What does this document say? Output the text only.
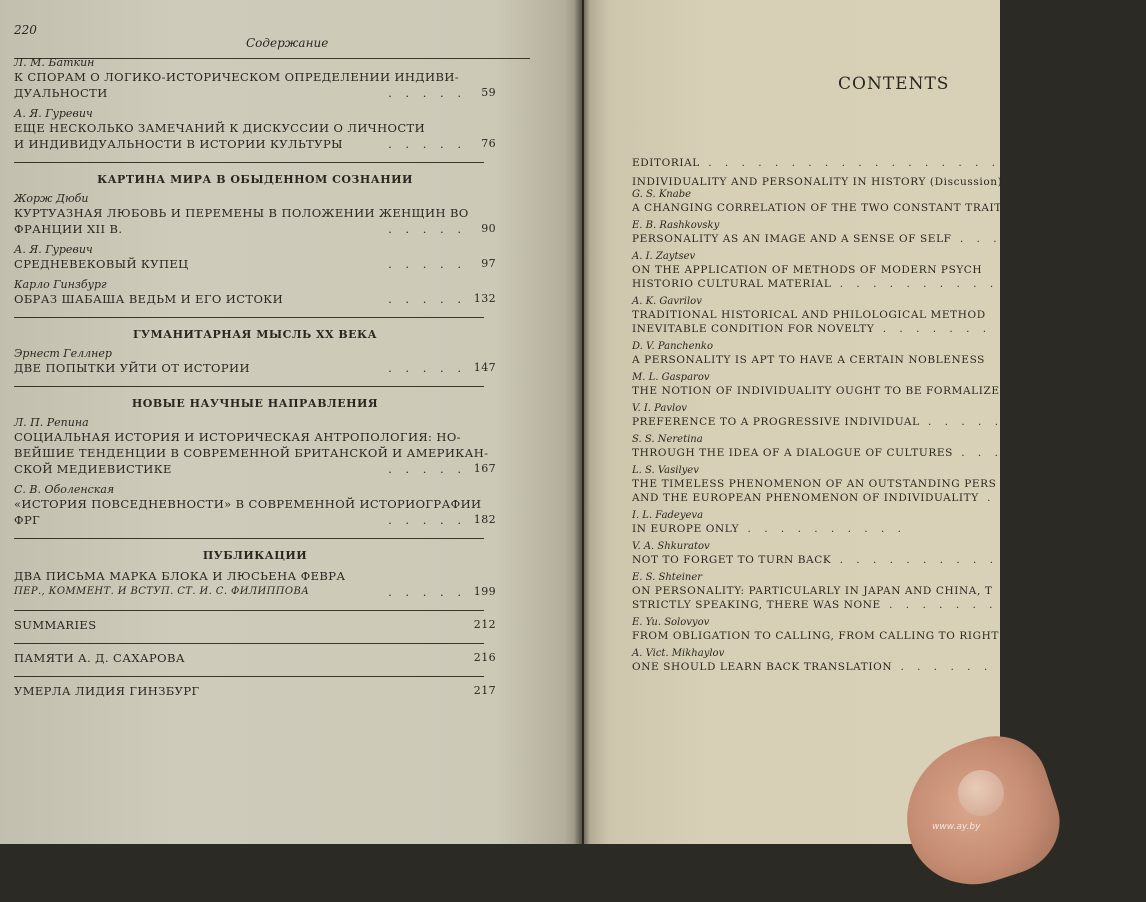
220
Содержание
Л. М. Баткин
К СПОРАМ О ЛОГИКО-ИСТОРИЧЕСКОМ ОПРЕДЕЛЕНИИ ИНДИВИ-
ДУАЛЬНОСТИ	. . . . .	59
А. Я. Гуревич
ЕЩЕ НЕСКОЛЬКО ЗАМЕЧАНИЙ К ДИСКУССИИ О ЛИЧНОСТИ
И ИНДИВИДУАЛЬНОСТИ В ИСТОРИИ КУЛЬТУРЫ	. . . . .	76
КАРТИНА МИРА В ОБЫДЕННОМ СОЗНАНИИ
Жорж Дюби
КУРТУАЗНАЯ ЛЮБОВЬ И ПЕРЕМЕНЫ В ПОЛОЖЕНИИ ЖЕНЩИН ВО
ФРАНЦИИ XII В.	. . . . .	90
А. Я. Гуревич
СРЕДНЕВЕКОВЫЙ КУПЕЦ	. . . . .	97
Карло Гинзбург
ОБРАЗ ШАБАША ВЕДЬМ И ЕГО ИСТОКИ	. . . . . 132
ГУМАНИТАРНАЯ МЫСЛЬ XX ВЕКА
Эрнест Геллнер
ДВЕ ПОПЫТКИ УЙТИ ОТ ИСТОРИИ	. . . . . 147
НОВЫЕ НАУЧНЫЕ НАПРАВЛЕНИЯ
Л. П. Репина
СОЦИАЛЬНАЯ ИСТОРИЯ И ИСТОРИЧЕСКАЯ АНТРОПОЛОГИЯ: НО-
ВЕЙШИЕ ТЕНДЕНЦИИ В СОВРЕМЕННОЙ БРИТАНСКОЙ И АМЕРИКАН-
СКОЙ МЕДИЕВИСТИКЕ	. . . . . 167
С. В. Оболенская
«ИСТОРИЯ ПОВСЕДНЕВНОСТИ» В СОВРЕМЕННОЙ ИСТОРИОГРАФИИ
ФРГ	. . . . . 182
ПУБЛИКАЦИИ
ДВА ПИСЬМА МАРКА БЛОКА И ЛЮСЬЕНА ФЕВРА
ПЕР., КОММЕНТ. И ВСТУП. СТ. И. С. ФИЛИППОВА	. . . . . 199
SUMMARIES	212
ПАМЯТИ А. Д. САХАРОВА	216
УМЕРЛА ЛИДИЯ ГИНЗБУРГ	217
CONTENTS
EDITORIAL . . . . . . . . . . . . . . . . . .
INDIVIDUALITY AND PERSONALITY IN HISTORY (Discussion)
G. S. Knabe
A CHANGING CORRELATION OF THE TWO CONSTANT TRAIT
E. B. Rashkovsky
PERSONALITY AS AN IMAGE AND A SENSE OF SELF . . . . . . . . . .
A. I. Zaytsev
ON THE APPLICATION OF METHODS OF MODERN PSYCH
HISTORIO CULTURAL MATERIAL . . . . . . . . . .
A. K. Gavrilov
TRADITIONAL HISTORICAL AND PHILOLOGICAL METHOD
INEVITABLE CONDITION FOR NOVELTY . . . . . . . . . .
D. V. Panchenko
A PERSONALITY IS APT TO HAVE A CERTAIN NOBLENESS
M. L. Gasparov
THE NOTION OF INDIVIDUALITY OUGHT TO BE FORMALIZE
V. I. Pavlov
PREFERENCE TO A PROGRESSIVE INDIVIDUAL . . . . . . . . . .
S. S. Neretina
THROUGH THE IDEA OF A DIALOGUE OF CULTURES . . . . . . . . . .
L. S. Vasilyev
THE TIMELESS PHENOMENON OF AN OUTSTANDING PERS
AND THE EUROPEAN PHENOMENON OF INDIVIDUALITY . . . . . . . . . .
I. L. Fadeyeva
IN EUROPE ONLY . . . . . . . . . .
V. A. Shkuratov
NOT TO FORGET TO TURN BACK . . . . . . . . . .
E. S. Shteiner
ON PERSONALITY: PARTICULARLY IN JAPAN AND CHINA, T
STRICTLY SPEAKING, THERE WAS NONE . . . . . . . . . .
E. Yu. Solovyov
FROM OBLIGATION TO CALLING, FROM CALLING TO RIGHT
A. Vict. Mikhaylov
ONE SHOULD LEARN BACK TRANSLATION . . . . . . . . . .
www.ay.by
